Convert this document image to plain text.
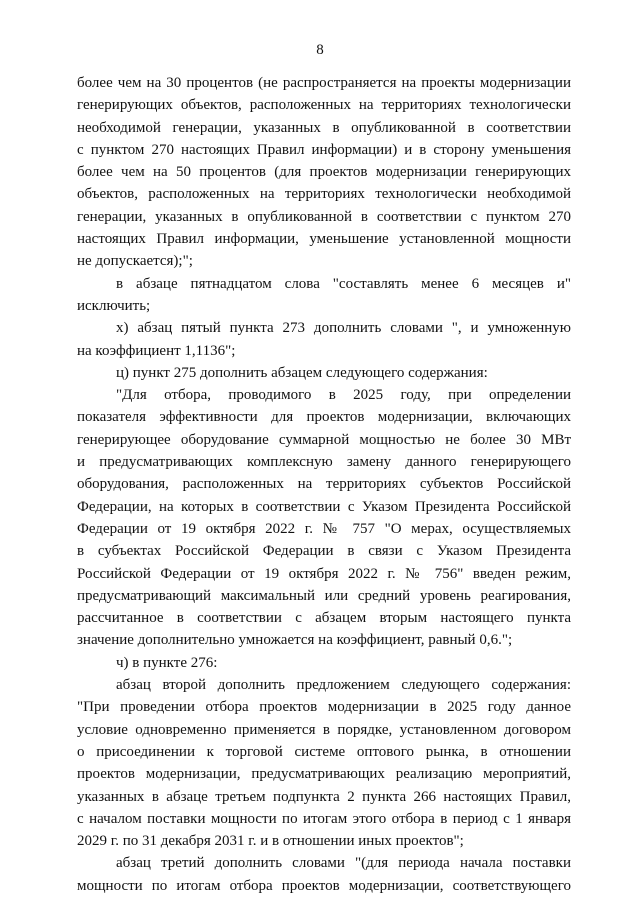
8
более чем на 30 процентов (не распространяется на проекты модернизации
генерирующих объектов, расположенных на территориях технологически
необходимой генерации, указанных в опубликованной в соответствии
с пунктом 270 настоящих Правил информации) и в сторону уменьшения
более чем на 50 процентов (для проектов модернизации генерирующих
объектов, расположенных на территориях технологически необходимой
генерации, указанных в опубликованной в соответствии с пунктом 270
настоящих Правил информации, уменьшение установленной мощности
не допускается);";
в абзаце пятнадцатом слова "составлять менее 6 месяцев и"
исключить;
х) абзац пятый пункта 273 дополнить словами ", и умноженную
на коэффициент 1,1136";
ц) пункт 275 дополнить абзацем следующего содержания:
"Для отбора, проводимого в 2025 году, при определении
показателя эффективности для проектов модернизации, включающих
генерирующее оборудование суммарной мощностью не более 30 МВт
и предусматривающих комплексную замену данного генерирующего
оборудования, расположенных на территориях субъектов Российской
Федерации, на которых в соответствии с Указом Президента Российской
Федерации от 19 октября 2022 г. № 757 "О мерах, осуществляемых
в субъектах Российской Федерации в связи с Указом Президента
Российской Федерации от 19 октября 2022 г. № 756" введен режим,
предусматривающий максимальный или средний уровень реагирования,
рассчитанное в соответствии с абзацем вторым настоящего пункта
значение дополнительно умножается на коэффициент, равный 0,6.";
ч) в пункте 276:
абзац второй дополнить предложением следующего содержания:
"При проведении отбора проектов модернизации в 2025 году данное
условие одновременно применяется в порядке, установленном договором
о присоединении к торговой системе оптового рынка, в отношении
проектов модернизации, предусматривающих реализацию мероприятий,
указанных в абзаце третьем подпункта 2 пункта 266 настоящих Правил,
с началом поставки мощности по итогам этого отбора в период с 1 января
2029 г. по 31 декабря 2031 г. и в отношении иных проектов";
абзац третий дополнить словами "(для периода начала поставки
мощности по итогам отбора проектов модернизации, соответствующего
